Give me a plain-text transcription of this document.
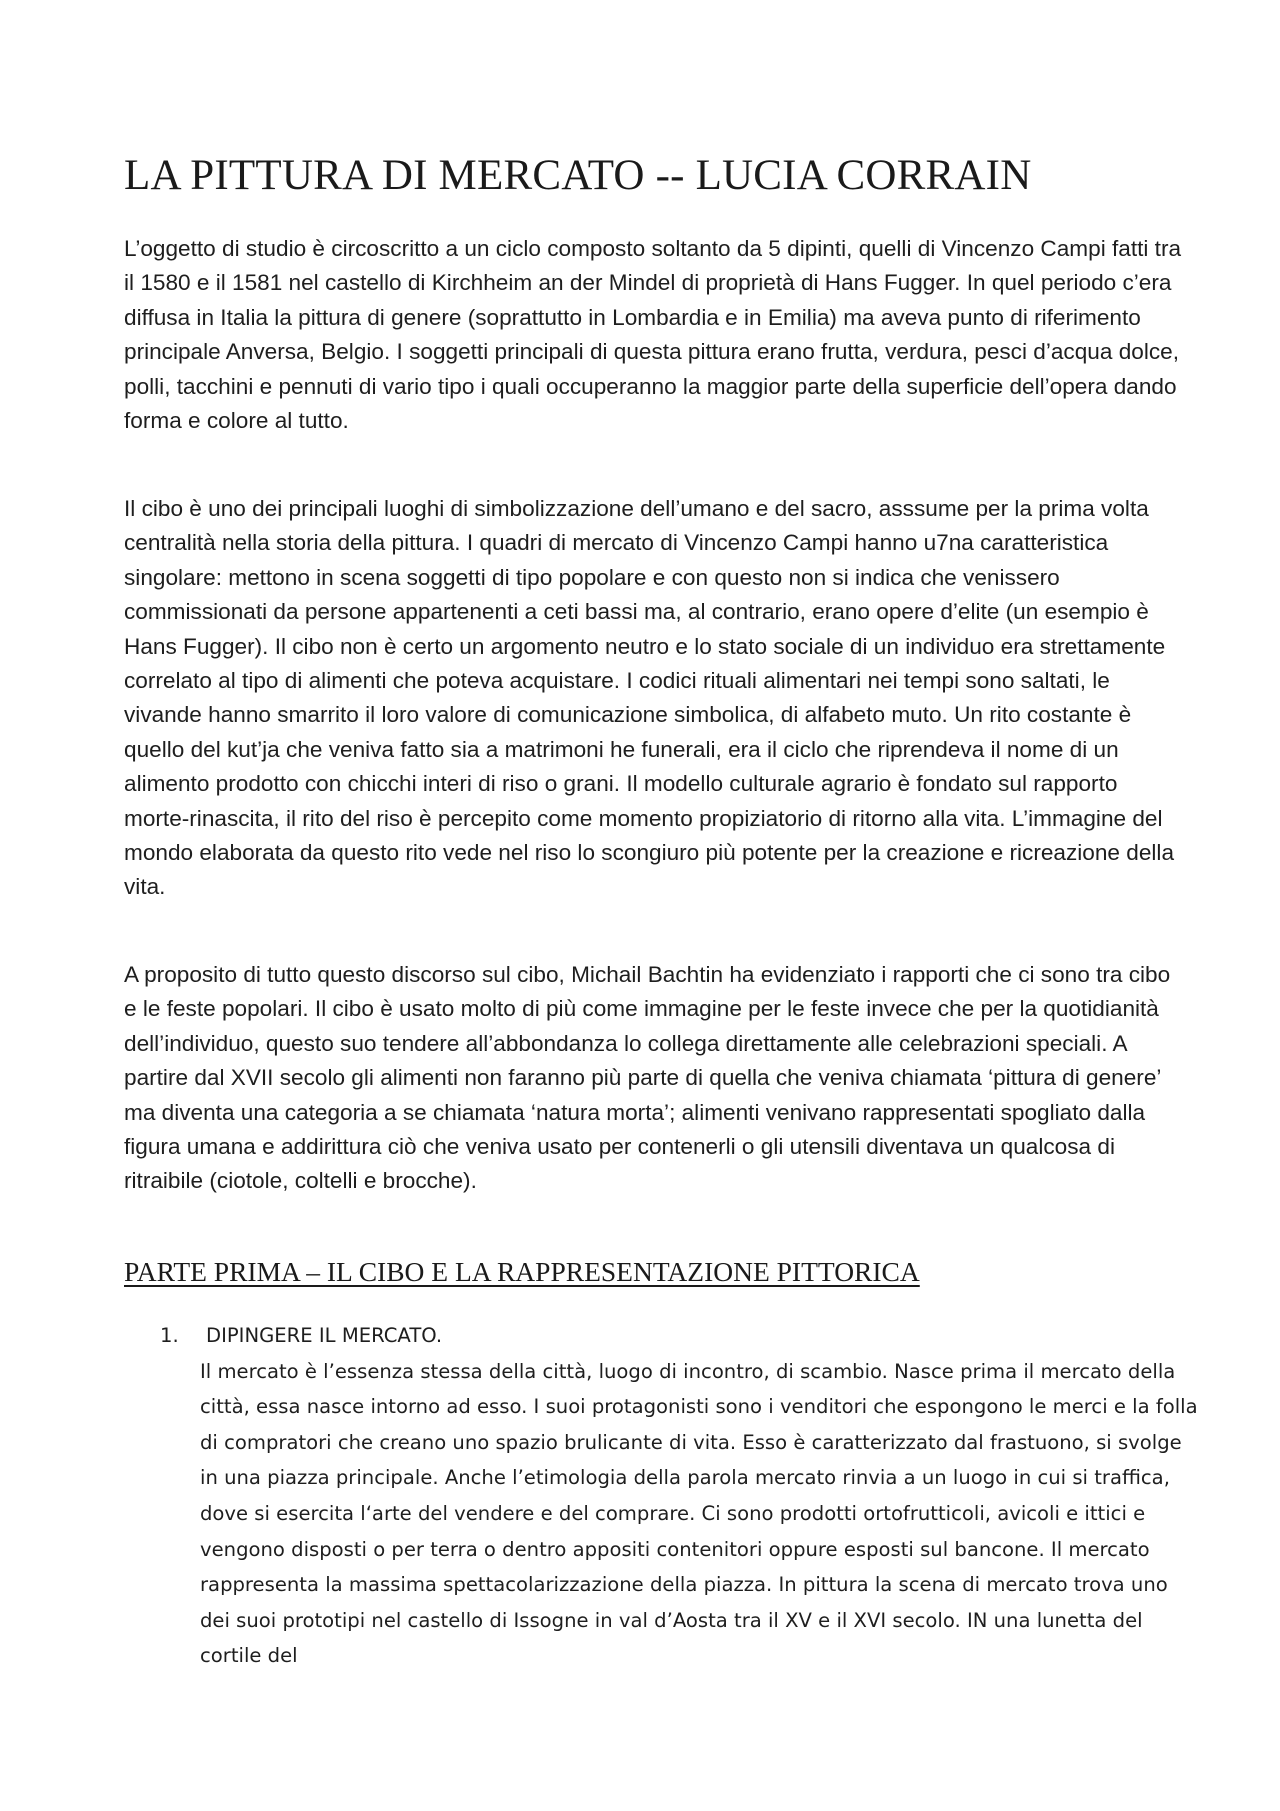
LA PITTURA DI MERCATO -- LUCIA CORRAIN

L’oggetto di studio è circoscritto a un ciclo composto soltanto da 5 dipinti, quelli di Vincenzo Campi fatti tra il 1580 e il 1581 nel castello di Kirchheim an der Mindel di proprietà di Hans Fugger. In quel periodo c’era diffusa in Italia la pittura di genere (soprattutto in Lombardia e in Emilia) ma aveva punto di riferimento principale Anversa, Belgio. I soggetti principali di questa pittura erano frutta, verdura, pesci d’acqua dolce, polli, tacchini e pennuti di vario tipo i quali occuperanno la maggior parte della superficie dell’opera dando forma e colore al tutto.

Il cibo è uno dei principali luoghi di simbolizzazione dell’umano e del sacro, asssume per la prima volta centralità nella storia della pittura. I quadri di mercato di Vincenzo Campi hanno u7na caratteristica singolare: mettono in scena soggetti di tipo popolare e con questo non si indica che venissero commissionati da persone appartenenti a ceti bassi ma, al contrario, erano opere d’elite (un esempio è Hans Fugger). Il cibo non è certo un argomento neutro e lo stato sociale di un individuo era strettamente correlato al tipo di alimenti che poteva acquistare. I codici rituali alimentari nei tempi sono saltati, le vivande hanno smarrito il loro valore di comunicazione simbolica, di alfabeto muto. Un rito costante è quello del kut’ja che veniva fatto sia a matrimoni he funerali, era il ciclo che riprendeva il nome di un alimento prodotto con chicchi interi di riso o grani. Il modello culturale agrario è fondato sul rapporto morte-rinascita, il rito del riso è percepito come momento propiziatorio di ritorno alla vita. L’immagine del mondo elaborata da questo rito vede nel riso lo scongiuro più potente per la creazione e ricreazione della vita.

A proposito di tutto questo discorso sul cibo, Michail Bachtin ha evidenziato i rapporti che ci sono tra cibo e le feste popolari. Il cibo è usato molto di più come immagine per le feste invece che per la quotidianità dell’individuo, questo suo tendere all’abbondanza lo collega direttamente alle celebrazioni speciali. A partire dal XVII secolo gli alimenti non faranno più parte di quella che veniva chiamata ‘pittura di genere’ ma diventa una categoria a se chiamata ‘natura morta’; alimenti venivano rappresentati spogliato dalla figura umana e addirittura ciò che veniva usato per contenerli o gli utensili diventava un qualcosa di ritraibile (ciotole, coltelli e brocche).

PARTE PRIMA – IL CIBO E LA RAPPRESENTAZIONE PITTORICA
1. DIPINGERE IL MERCATO.

Il mercato è l’essenza stessa della città, luogo di incontro, di scambio. Nasce prima il mercato della città, essa nasce intorno ad esso. I suoi protagonisti sono i venditori che espongono le merci e la folla di compratori che creano uno spazio brulicante di vita. Esso è caratterizzato dal frastuono, si svolge in una piazza principale. Anche l’etimologia della parola mercato rinvia a un luogo in cui si traffica, dove si esercita l‘arte del vendere e del comprare. Ci sono prodotti ortofrutticoli, avicoli e ittici e vengono disposti o per terra o dentro appositi contenitori oppure esposti sul bancone. Il mercato rappresenta la massima spettacolarizzazione della piazza. In pittura la scena di mercato trova uno dei suoi prototipi nel castello di Issogne in val d’Aosta tra il XV e il XVI secolo. IN una lunetta del cortile del
